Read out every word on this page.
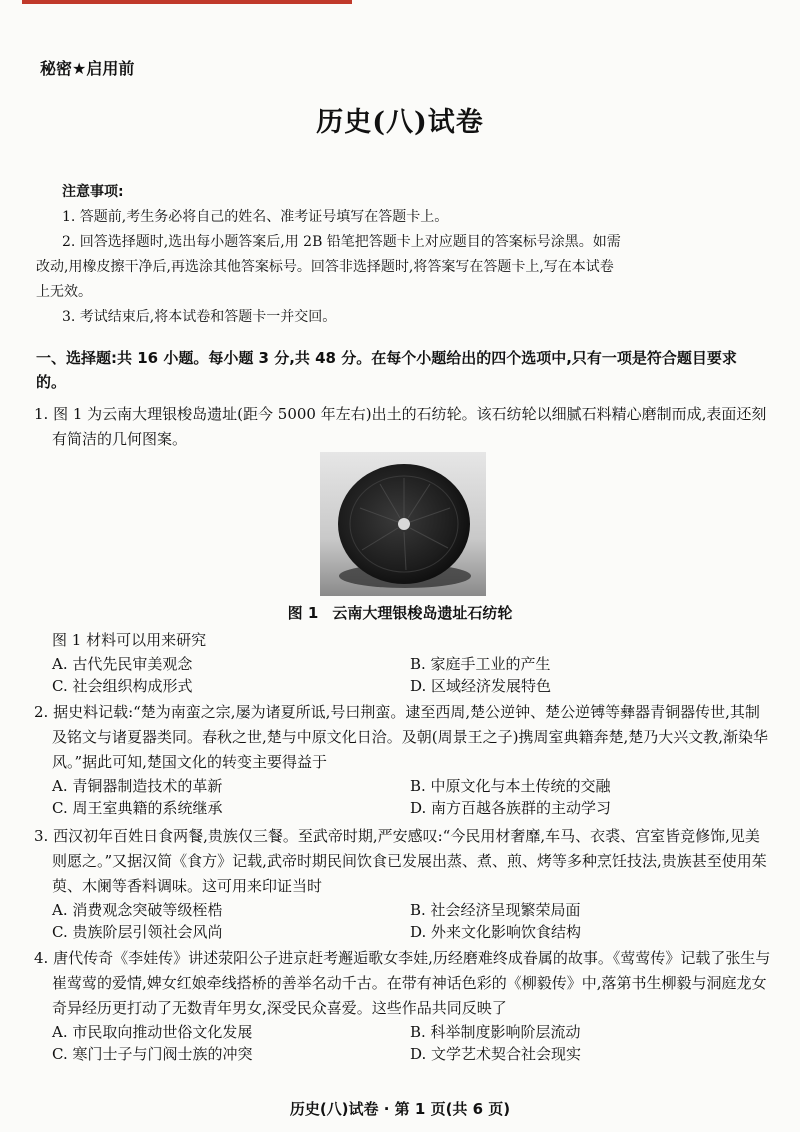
秘密★启用前
历史(八)试卷

注意事项:

1. 答题前,考生务必将自己的姓名、准考证号填写在答题卡上。

2. 回答选择题时,选出每小题答案后,用 2B 铅笔把答题卡上对应题目的答案标号涂黑。如需

改动,用橡皮擦干净后,再选涂其他答案标号。回答非选择题时,将答案写在答题卡上,写在本试卷

上无效。

3. 考试结束后,将本试卷和答题卡一并交回。

一、选择题:共 16 小题。每小题 3 分,共 48 分。在每个小题给出的四个选项中,只有一项是符合题目要求的。

1. 图 1 为云南大理银梭岛遗址(距今 5000 年左右)出土的石纺轮。该石纺轮以细腻石料精心磨制而成,表面还刻有简洁的几何图案。

图 1 云南大理银梭岛遗址石纺轮

图 1 材料可以用来研究

A. 古代先民审美观念	B. 家庭手工业的产生
C. 社会组织构成形式	D. 区域经济发展特色

2. 据史料记载:“楚为南蛮之宗,屡为诸夏所诋,号曰荆蛮。逮至西周,楚公逆钟、楚公逆镈等彝器青铜器传世,其制及铭文与诸夏器类同。春秋之世,楚与中原文化日洽。及朝(周景王之子)携周室典籍奔楚,楚乃大兴文教,渐染华风。”据此可知,楚国文化的转变主要得益于

A. 青铜器制造技术的革新	B. 中原文化与本土传统的交融
C. 周王室典籍的系统继承	D. 南方百越各族群的主动学习

3. 西汉初年百姓日食两餐,贵族仅三餐。至武帝时期,严安感叹:“今民用材奢靡,车马、衣裘、宫室皆竞修饰,见美则愿之。”又据汉简《食方》记载,武帝时期民间饮食已发展出蒸、煮、煎、烤等多种烹饪技法,贵族甚至使用茱萸、木阑等香料调味。这可用来印证当时

A. 消费观念突破等级桎梏	B. 社会经济呈现繁荣局面
C. 贵族阶层引领社会风尚	D. 外来文化影响饮食结构

4. 唐代传奇《李娃传》讲述荥阳公子进京赶考邂逅歌女李娃,历经磨难终成眷属的故事。《莺莺传》记载了张生与崔莺莺的爱情,婢女红娘牵线搭桥的善举名动千古。在带有神话色彩的《柳毅传》中,落第书生柳毅与洞庭龙女奇异经历更打动了无数青年男女,深受民众喜爱。这些作品共同反映了

A. 市民取向推动世俗文化发展	B. 科举制度影响阶层流动
C. 寒门士子与门阀士族的冲突	D. 文学艺术契合社会现实
历史(八)试卷 · 第 1 页(共 6 页)
